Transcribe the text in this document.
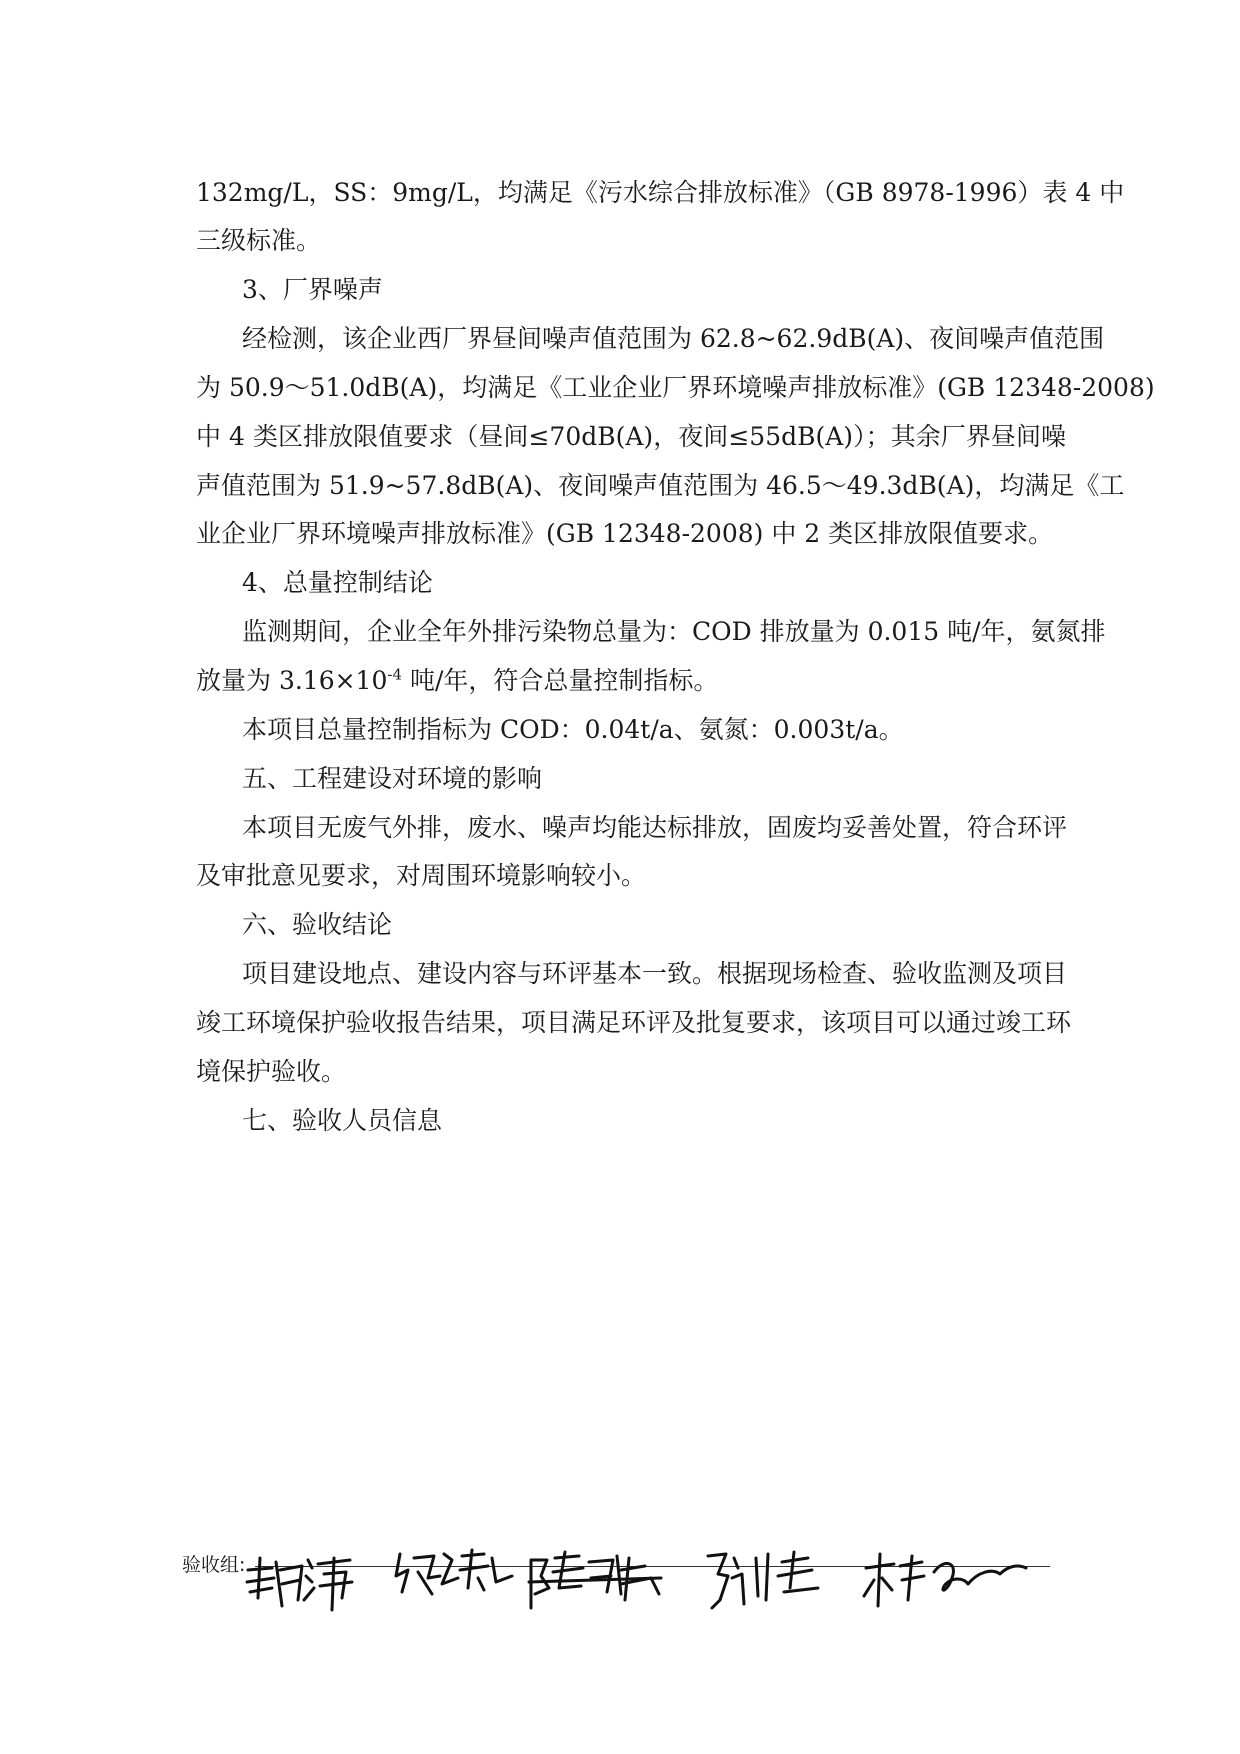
132mg/L，SS：9mg/L，均满足《污水综合排放标准》（GB 8978-1996）表 4 中
三级标准。
3、厂界噪声
经检测，该企业西厂界昼间噪声值范围为 62.8~62.9dB(A)、夜间噪声值范围
为 50.9～51.0dB(A)，均满足《工业企业厂界环境噪声排放标准》(GB 12348-2008)
中 4 类区排放限值要求（昼间≤70dB(A)，夜间≤55dB(A)）；其余厂界昼间噪
声值范围为 51.9~57.8dB(A)、夜间噪声值范围为 46.5～49.3dB(A)，均满足《工
业企业厂界环境噪声排放标准》(GB 12348-2008) 中 2 类区排放限值要求。
4、总量控制结论
监测期间，企业全年外排污染物总量为：COD 排放量为 0.015 吨/年，氨氮排
放量为 $3.16\times 10^{-4}$ 吨/年，符合总量控制指标。
本项目总量控制指标为 COD：0.04t/a、氨氮：0.003t/a。
五、工程建设对环境的影响
本项目无废气外排，废水、噪声均能达标排放，固废均妥善处置，符合环评
及审批意见要求，对周围环境影响较小。
六、验收结论
项目建设地点、建设内容与环评基本一致。根据现场检查、验收监测及项目
竣工环境保护验收报告结果，项目满足环评及批复要求，该项目可以通过竣工环
境保护验收。
七、验收人员信息
验收组:
